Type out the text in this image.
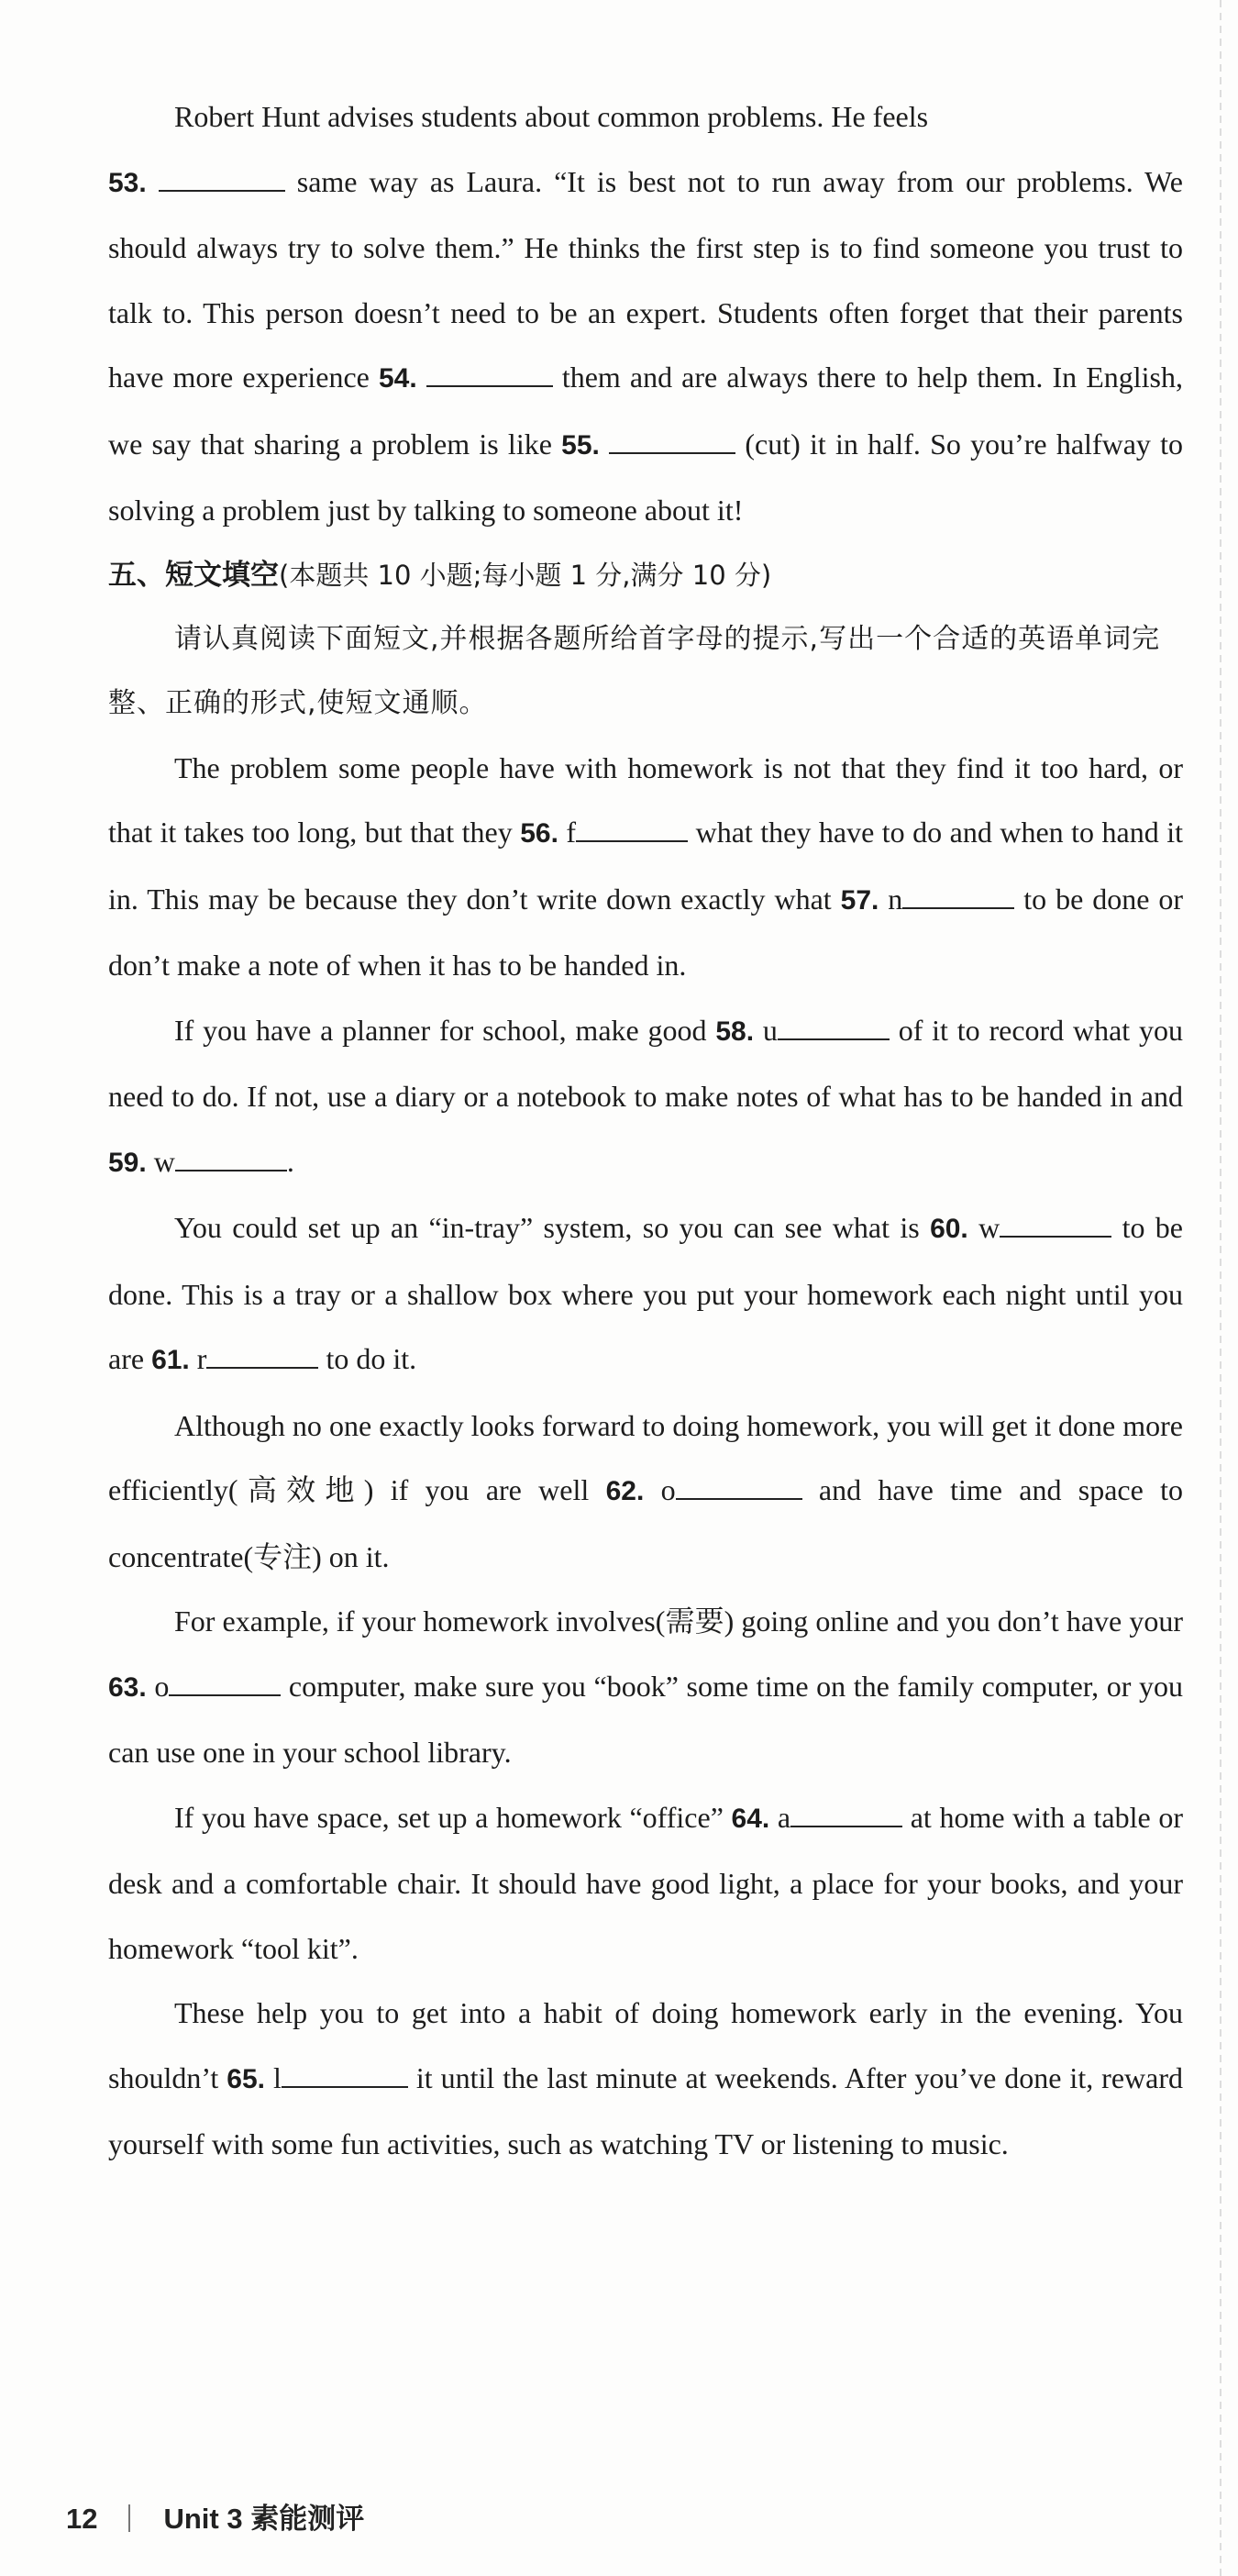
Robert Hunt advises students about common problems. He feels
53.	same way as Laura. “It is best not to run away from our problems. We should always try to solve them.” He thinks the first step is to find someone you trust to talk to. This person doesn’t need to be an expert. Students often forget that their parents have more experience 54.	them and are always there to help them. In English, we say that sharing a problem is like 55.	(cut) it in half. So you’re halfway to solving a problem just by talking to someone about it!

五、短文填空(本题共 10 小题;每小题 1 分,满分 10 分)

请认真阅读下面短文,并根据各题所给首字母的提示,写出一个合适的英语单词完整、正确的形式,使短文通顺。

The problem some people have with homework is not that they find it too hard, or that it takes too long, but that they 56. f	what they have to do and when to hand it in. This may be because they don’t write down exactly what 57. n	to be done or don’t make a note of when it has to be handed in.

If you have a planner for school, make good 58. u	of it to record what you need to do. If not, use a diary or a notebook to make notes of what has to be handed in and 59. w	.

You could set up an “in-tray” system, so you can see what is 60. w	to be done. This is a tray or a shallow box where you put your homework each night until you are 61. r	to do it.

Although no one exactly looks forward to doing homework, you will get it done more efficiently(高效地) if you are well 62. o	and have time and space to concentrate(专注) on it.

For example, if your homework involves(需要) going online and you don’t have your 63. o	computer, make sure you “book” some time on the family computer, or you can use one in your school library.

If you have space, set up a homework “office” 64. a	at home with a table or desk and a comfortable chair. It should have good light, a place for your books, and your homework “tool kit”.

These help you to get into a habit of doing homework early in the evening. You shouldn’t 65. l	it until the last minute at weekends. After you’ve done it, reward yourself with some fun activities, such as watching TV or listening to music.

12 Unit 3 素能测评
